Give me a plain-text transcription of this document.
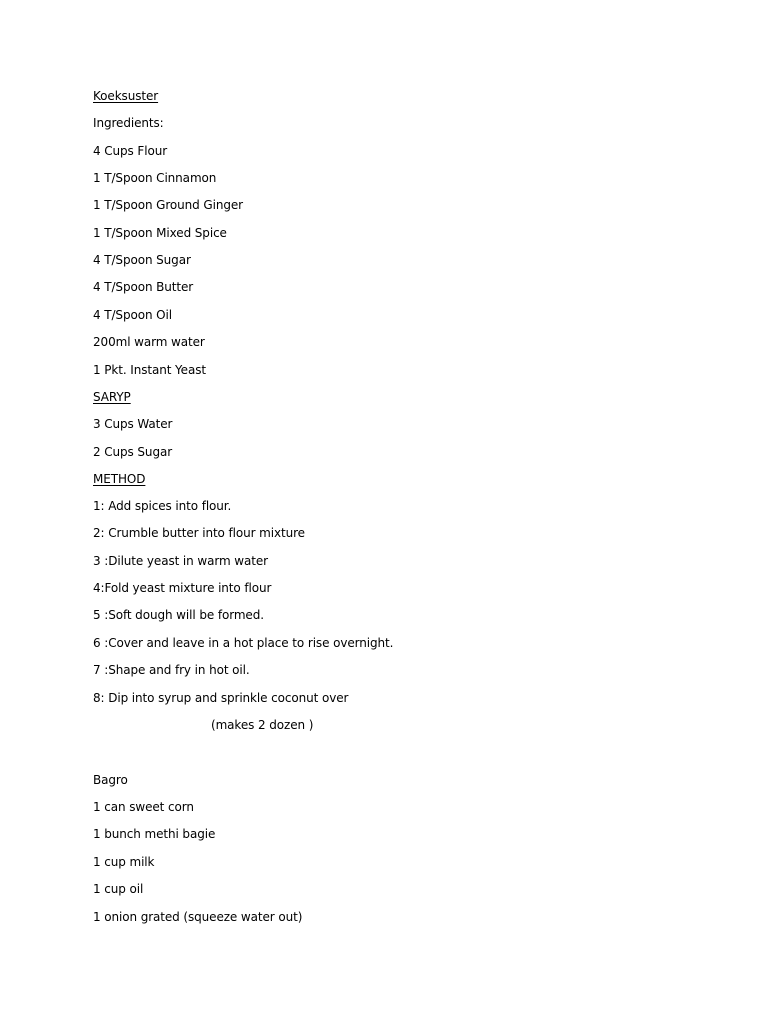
Koeksuster
Ingredients:
4 Cups Flour
1 T/Spoon Cinnamon
1 T/Spoon Ground Ginger
1 T/Spoon Mixed Spice
4 T/Spoon Sugar
4 T/Spoon Butter
4 T/Spoon Oil
200ml warm water
1 Pkt. Instant Yeast
SARYP
3 Cups Water
2 Cups Sugar
METHOD
1: Add spices into flour.
2: Crumble butter into flour mixture
3 :Dilute yeast in warm water
4:Fold yeast mixture into flour
5 :Soft dough will be formed.
6 :Cover and leave in a hot place to rise overnight.
7 :Shape and fry in hot oil.
8: Dip into syrup and sprinkle coconut over
(makes 2 dozen )
Bagro
1 can sweet corn
1 bunch methi bagie
1 cup milk
1 cup oil
1 onion grated (squeeze water out)
